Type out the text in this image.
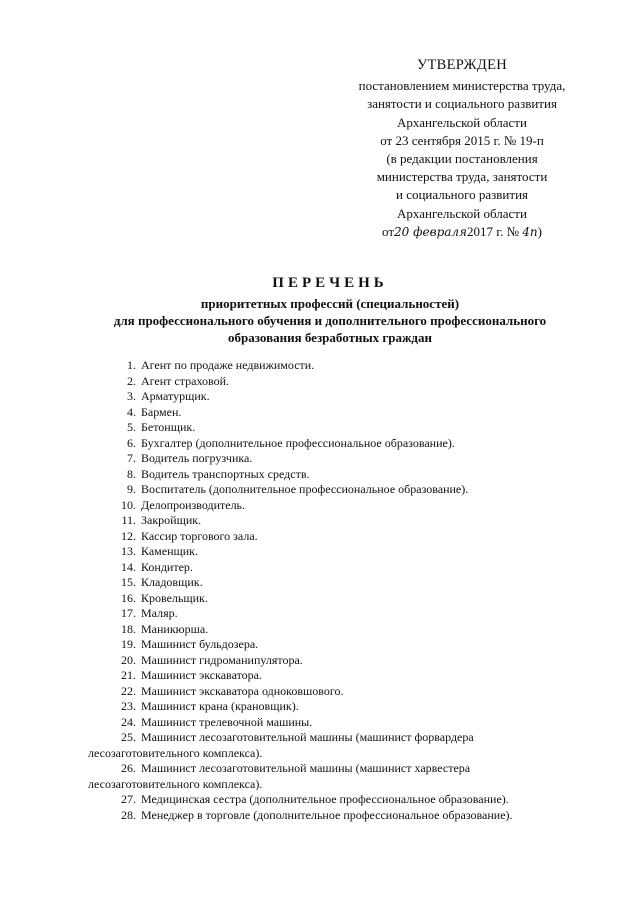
УТВЕРЖДЕН
постановлением министерства труда,
занятости и социального развития
Архангельской области
от 23 сентября 2015 г. № 19-п
(в редакции постановления
министерства труда, занятости
и социального развития
Архангельской области
от20 февраля2017 г. № 4п)
ПЕРЕЧЕНЬ
приоритетных профессий (специальностей)
для профессионального обучения и дополнительного профессионального
образования безработных граждан
1. Агент по продаже недвижимости.
2. Агент страховой.
3. Арматурщик.
4. Бармен.
5. Бетонщик.
6. Бухгалтер (дополнительное профессиональное образование).
7. Водитель погрузчика.
8. Водитель транспортных средств.
9. Воспитатель (дополнительное профессиональное образование).
10. Делопроизводитель.
11. Закройщик.
12. Кассир торгового зала.
13. Каменщик.
14. Кондитер.
15. Кладовщик.
16. Кровельщик.
17. Маляр.
18. Маникюрша.
19. Машинист бульдозера.
20. Машинист гидроманипулятора.
21. Машинист экскаватора.
22. Машинист экскаватора одноковшового.
23. Машинист крана (крановщик).
24. Машинист трелевочной машины.
25. Машинист лесозаготовительной машины (машинист форвардера
лесозаготовительного комплекса).
26. Машинист лесозаготовительной машины (машинист харвестера
лесозаготовительного комплекса).
27. Медицинская сестра (дополнительное профессиональное образование).
28. Менеджер в торговле (дополнительное профессиональное образование).
